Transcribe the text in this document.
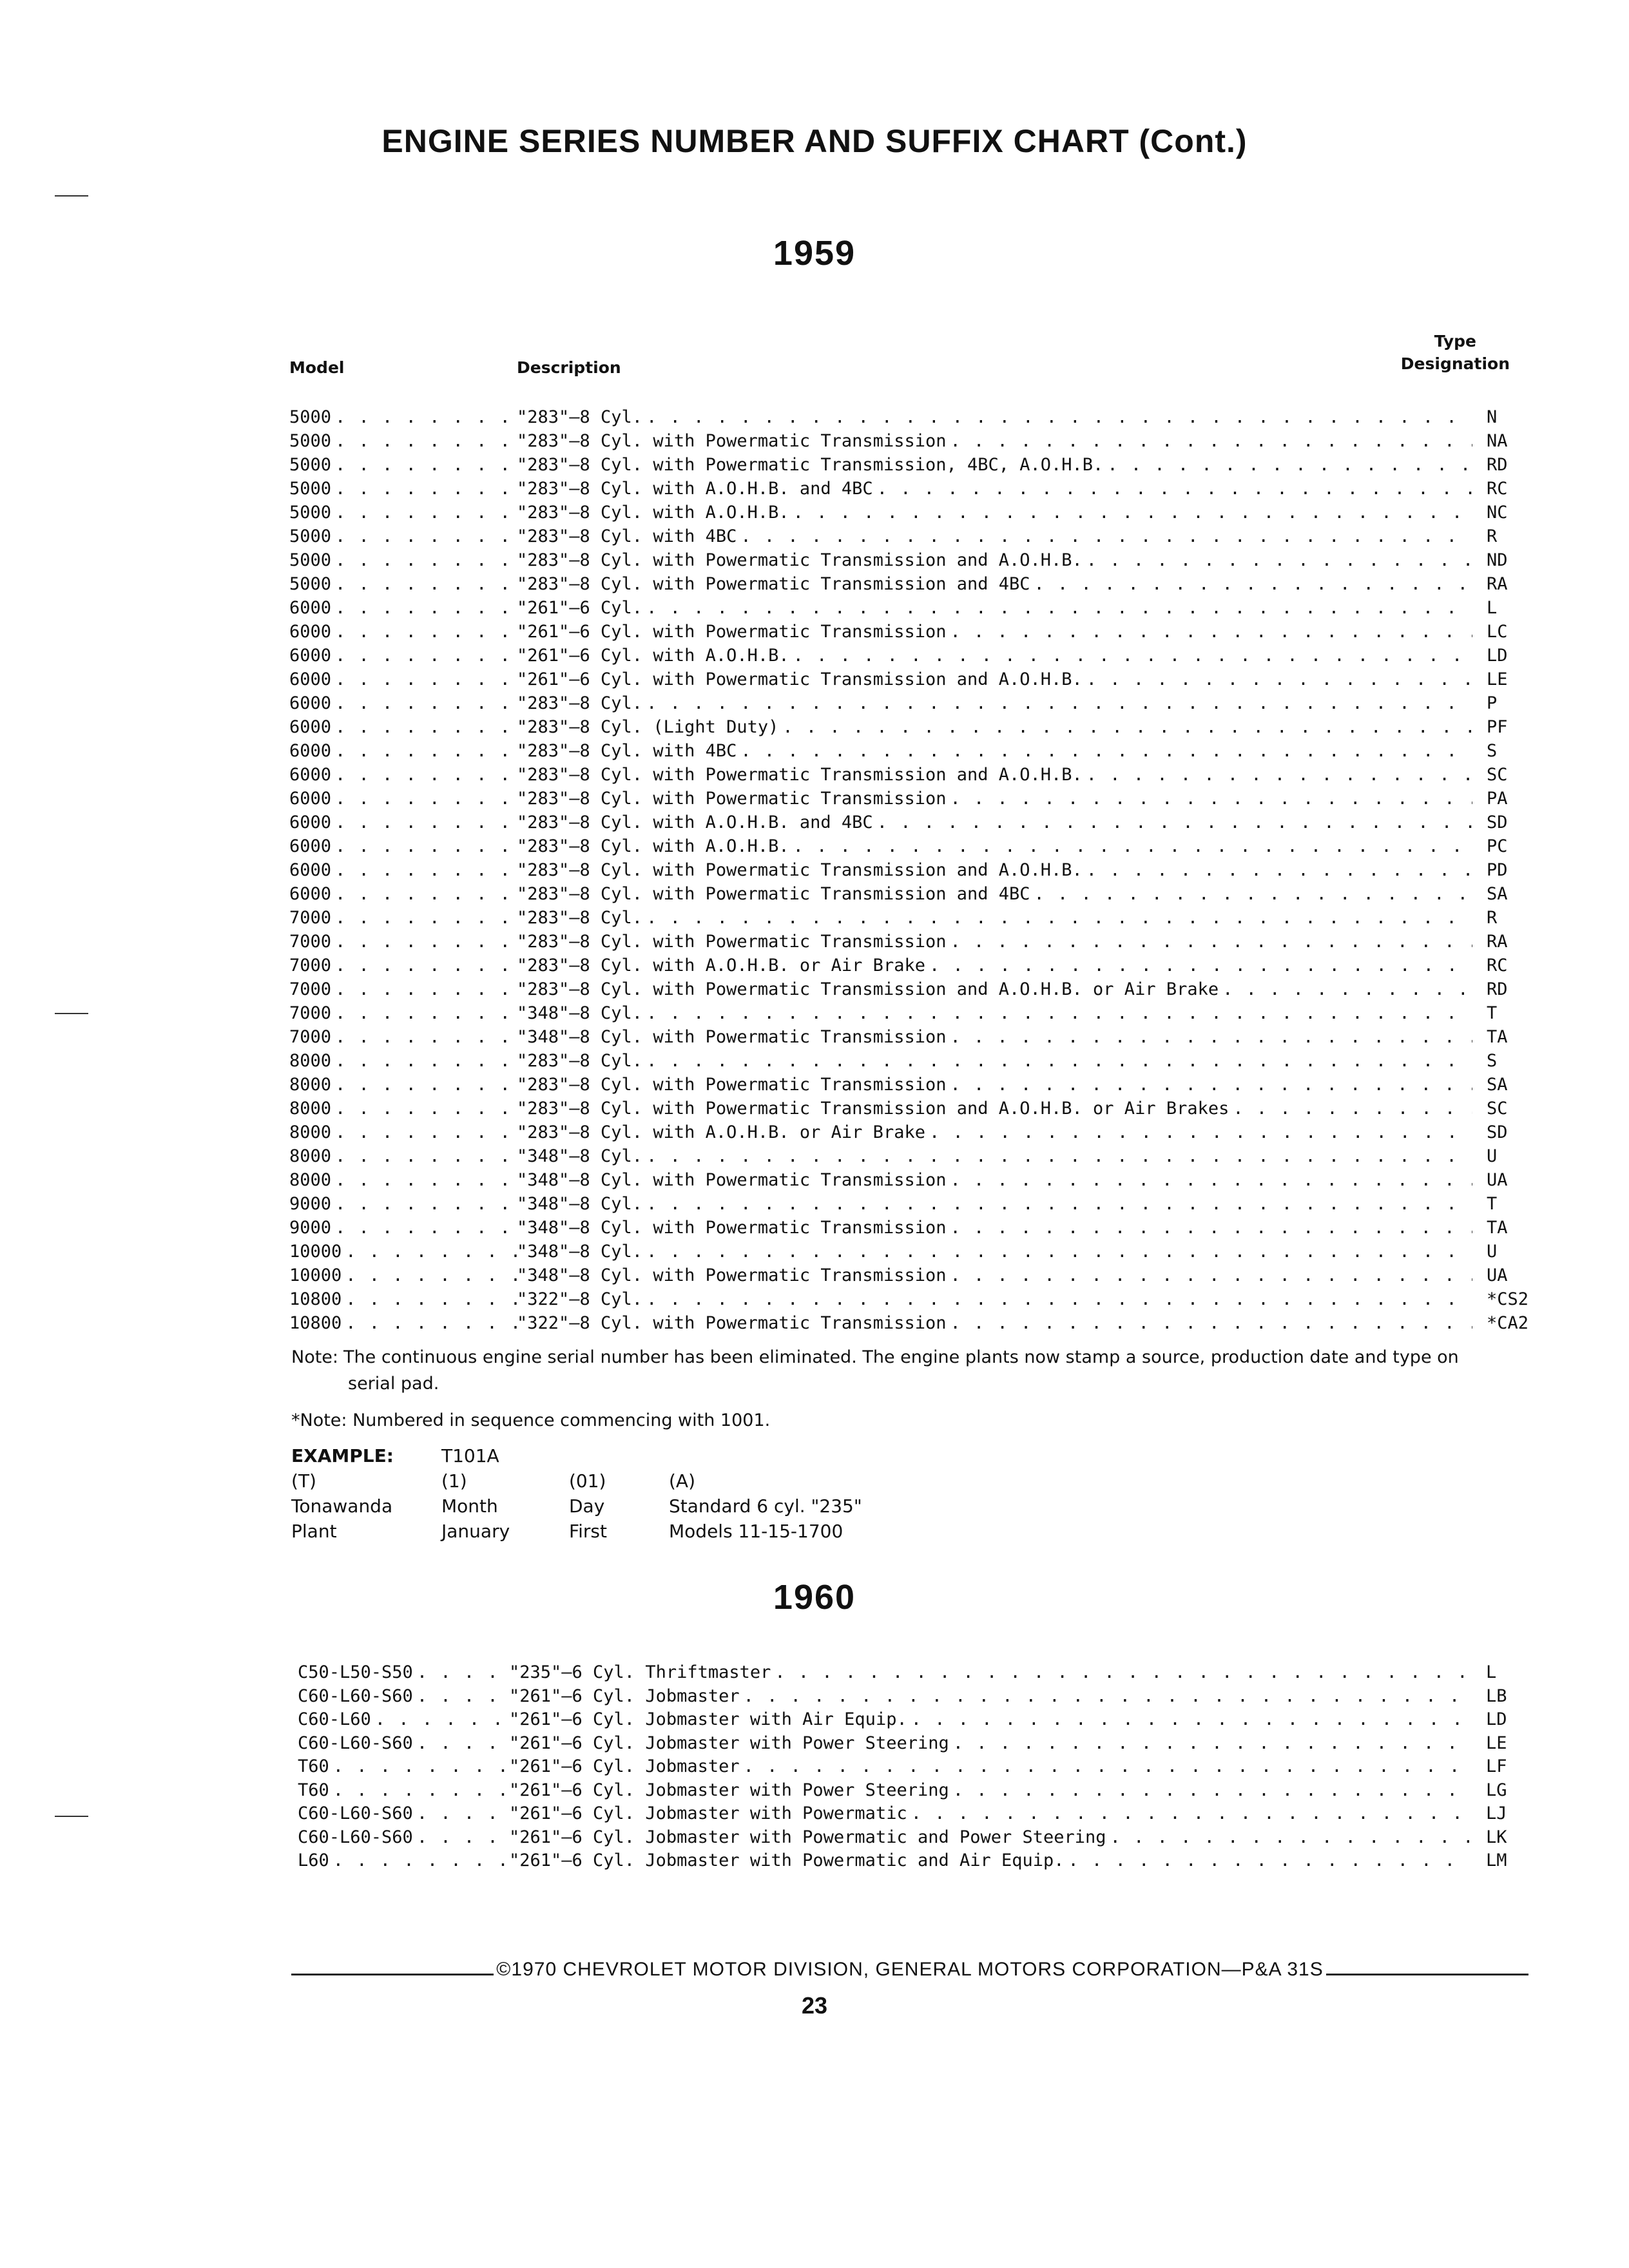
ENGINE SERIES NUMBER AND SUFFIX CHART (Cont.)
1959
Model	Description
Type
Designation
5000 . . .	"283"–8 Cyl. . . .	N
5000 . . .	"283"–8 Cyl. with Powermatic Transmission . . .	NA
5000 . . .	"283"–8 Cyl. with Powermatic Transmission, 4BC, A.O.H.B. . . .	RD
5000 . . .	"283"–8 Cyl. with A.O.H.B. and 4BC . . .	RC
5000 . . .	"283"–8 Cyl. with A.O.H.B. . . .	NC
5000 . . .	"283"–8 Cyl. with 4BC . . .	R
5000 . . .	"283"–8 Cyl. with Powermatic Transmission and A.O.H.B. . . .	ND
5000 . . .	"283"–8 Cyl. with Powermatic Transmission and 4BC . . .	RA
6000 . . .	"261"–6 Cyl. . . .	L
6000 . . .	"261"–6 Cyl. with Powermatic Transmission . . .	LC
6000 . . .	"261"–6 Cyl. with A.O.H.B. . . .	LD
6000 . . .	"261"–6 Cyl. with Powermatic Transmission and A.O.H.B. . . .	LE
6000 . . .	"283"–8 Cyl. . . .	P
6000 . . .	"283"–8 Cyl. (Light Duty) . . .	PF
6000 . . .	"283"–8 Cyl. with 4BC . . .	S
6000 . . .	"283"–8 Cyl. with Powermatic Transmission and A.O.H.B. . . .	SC
6000 . . .	"283"–8 Cyl. with Powermatic Transmission . . .	PA
6000 . . .	"283"–8 Cyl. with A.O.H.B. and 4BC . . .	SD
6000 . . .	"283"–8 Cyl. with A.O.H.B. . . .	PC
6000 . . .	"283"–8 Cyl. with Powermatic Transmission and A.O.H.B. . . .	PD
6000 . . .	"283"–8 Cyl. with Powermatic Transmission and 4BC . . .	SA
7000 . . .	"283"–8 Cyl. . . .	R
7000 . . .	"283"–8 Cyl. with Powermatic Transmission . . .	RA
7000 . . .	"283"–8 Cyl. with A.O.H.B. or Air Brake . . .	RC
7000 . . .	"283"–8 Cyl. with Powermatic Transmission and A.O.H.B. or Air Brake . . .	RD
7000 . . .	"348"–8 Cyl. . . .	T
7000 . . .	"348"–8 Cyl. with Powermatic Transmission . . .	TA
8000 . . .	"283"–8 Cyl. . . .	S
8000 . . .	"283"–8 Cyl. with Powermatic Transmission . . .	SA
8000 . . .	"283"–8 Cyl. with Powermatic Transmission and A.O.H.B. or Air Brakes . . .	SC
8000 . . .	"283"–8 Cyl. with A.O.H.B. or Air Brake . . .	SD
8000 . . .	"348"–8 Cyl. . . .	U
8000 . . .	"348"–8 Cyl. with Powermatic Transmission . . .	UA
9000 . . .	"348"–8 Cyl. . . .	T
9000 . . .	"348"–8 Cyl. with Powermatic Transmission . . .	TA
10000 . . .	"348"–8 Cyl. . . .	U
10000 . . .	"348"–8 Cyl. with Powermatic Transmission . . .	UA
10800 . . .	"322"–8 Cyl. . . .	*CS2
10800 . . .	"322"–8 Cyl. with Powermatic Transmission . . .	*CA2
Note: The continuous engine serial number has been eliminated. The engine plants now stamp a source, production date and type on
serial pad.
*Note: Numbered in sequence commencing with 1001.
EXAMPLE:	T101A
(T)	(1)	(01)	(A)
Tonawanda	Month	Day	Standard 6 cyl. "235"
Plant	January	First	Models 11-15-1700
1960
C50-L50-S50 . . .	"235"–6 Cyl. Thriftmaster . . .	L
C60-L60-S60 . . .	"261"–6 Cyl. Jobmaster . . .	LB
C60-L60 . . .	"261"–6 Cyl. Jobmaster with Air Equip. . . .	LD
C60-L60-S60 . . .	"261"–6 Cyl. Jobmaster with Power Steering . . .	LE
T60 . . .	"261"–6 Cyl. Jobmaster . . .	LF
T60 . . .	"261"–6 Cyl. Jobmaster with Power Steering . . .	LG
C60-L60-S60 . . .	"261"–6 Cyl. Jobmaster with Powermatic . . .	LJ
C60-L60-S60 . . .	"261"–6 Cyl. Jobmaster with Powermatic and Power Steering . . .	LK
L60 . . .	"261"–6 Cyl. Jobmaster with Powermatic and Air Equip. . . .	LM
©1970 CHEVROLET MOTOR DIVISION, GENERAL MOTORS CORPORATION—P&A 31S
23
